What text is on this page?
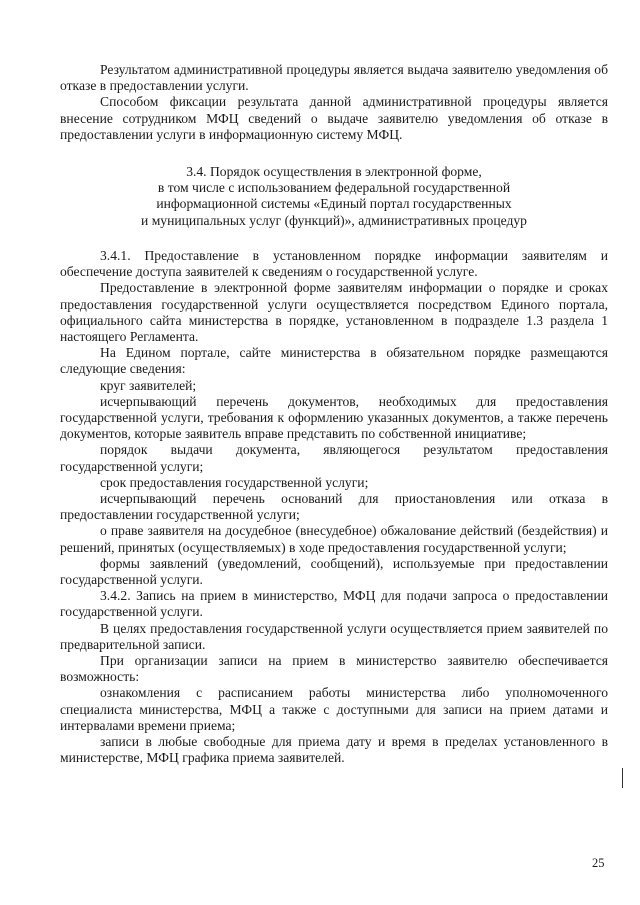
Результатом административной процедуры является выдача заявителю уведомления об отказе в предоставлении услуги.

Способом фиксации результата данной административной процедуры является внесение сотрудником МФЦ сведений о выдаче заявителю уведомления об отказе в предоставлении услуги в информационную систему МФЦ.

3.4. Порядок осуществления в электронной форме,

в том числе с использованием федеральной государственной

информационной системы «Единый портал государственных

и муниципальных услуг (функций)», административных процедур

3.4.1. Предоставление в установленном порядке информации заявителям и обеспечение доступа заявителей к сведениям о государственной услуге.

Предоставление в электронной форме заявителям информации о порядке и сроках предоставления государственной услуги осуществляется посредством Единого портала, официального сайта министерства в порядке, установленном в подразделе 1.3 раздела 1 настоящего Регламента.

На Едином портале, сайте министерства в обязательном порядке размещаются следующие сведения:

круг заявителей;

исчерпывающий перечень документов, необходимых для предоставления государственной услуги, требования к оформлению указанных документов, а также перечень документов, которые заявитель вправе представить по собственной инициативе;

порядок выдачи документа, являющегося результатом предоставления государственной услуги;

срок предоставления государственной услуги;

исчерпывающий перечень оснований для приостановления или отказа в предоставлении государственной услуги;

о праве заявителя на досудебное (внесудебное) обжалование действий (бездействия) и решений, принятых (осуществляемых) в ходе предоставления государственной услуги;

формы заявлений (уведомлений, сообщений), используемые при предоставлении государственной услуги.

3.4.2. Запись на прием в министерство, МФЦ для подачи запроса о предоставлении государственной услуги.

В целях предоставления государственной услуги осуществляется прием заявителей по предварительной записи.

При организации записи на прием в министерство заявителю обеспечивается возможность:

ознакомления с расписанием работы министерства либо уполномоченного специалиста министерства, МФЦ а также с доступными для записи на прием датами и интервалами времени приема;

записи в любые свободные для приема дату и время в пределах установленного в министерстве, МФЦ графика приема заявителей.

25
